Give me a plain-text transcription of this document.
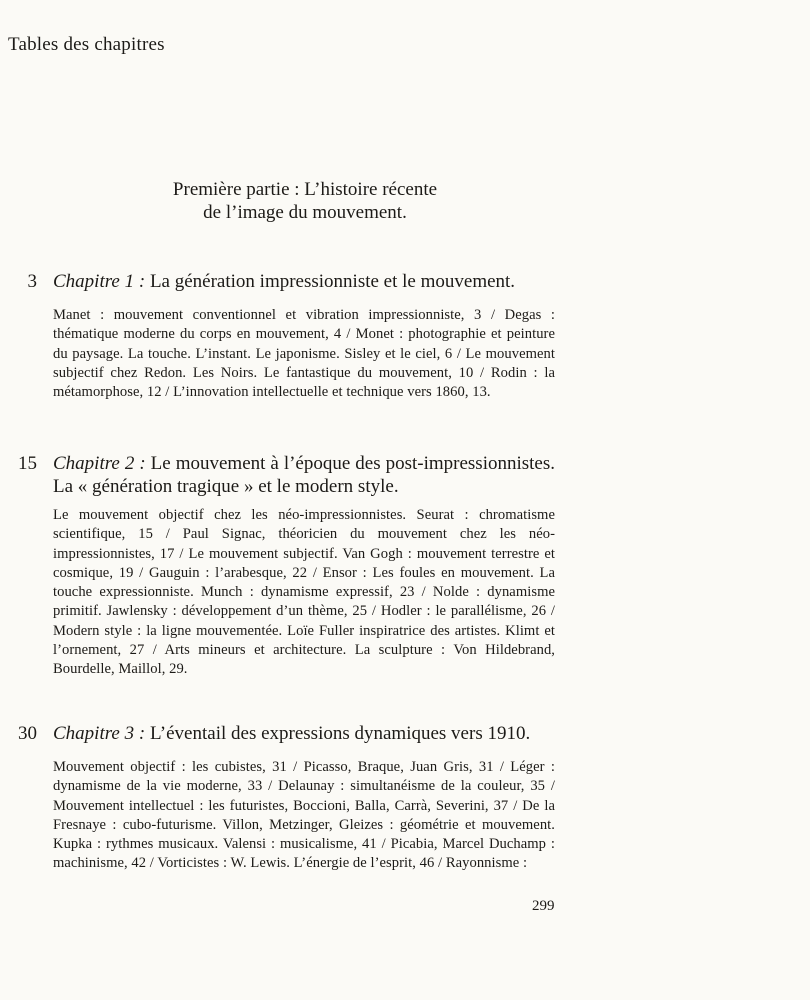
Tables des chapitres
Première partie : L’histoire récente
de l’image du mouvement.
3 Chapitre 1 : La génération impressionniste et le mouvement.
Manet : mouvement conventionnel et vibration impressionniste, 3 / Degas : thématique moderne du corps en mouvement, 4 / Monet : photographie et peinture du paysage. La touche. L’instant. Le japonisme. Sisley et le ciel, 6 / Le mouvement subjectif chez Redon. Les Noirs. Le fantastique du mouvement, 10 / Rodin : la métamorphose, 12 / L’innovation intellectuelle et technique vers 1860, 13.
15 Chapitre 2 : Le mouvement à l’époque des post-impressionnistes. La « génération tragique » et le modern style.
Le mouvement objectif chez les néo-impressionnistes. Seurat : chromatisme scientifique, 15 / Paul Signac, théoricien du mouvement chez les néo-impressionnistes, 17 / Le mouvement subjectif. Van Gogh : mouvement terrestre et cosmique, 19 / Gauguin : l’arabesque, 22 / Ensor : Les foules en mouvement. La touche expressionniste. Munch : dynamisme expressif, 23 / Nolde : dynamisme primitif. Jawlensky : développement d’un thème, 25 / Hodler : le parallélisme, 26 / Modern style : la ligne mouvementée. Loïe Fuller inspiratrice des artistes. Klimt et l’ornement, 27 / Arts mineurs et architecture. La sculpture : Von Hildebrand, Bourdelle, Maillol, 29.
30 Chapitre 3 : L’éventail des expressions dynamiques vers 1910.
Mouvement objectif : les cubistes, 31 / Picasso, Braque, Juan Gris, 31 / Léger : dynamisme de la vie moderne, 33 / Delaunay : simultanéisme de la couleur, 35 / Mouvement intellectuel : les futuristes, Boccioni, Balla, Carrà, Severini, 37 / De la Fresnaye : cubo-futurisme. Villon, Metzinger, Gleizes : géométrie et mouvement. Kupka : rythmes musicaux. Valensi : musicalisme, 41 / Picabia, Marcel Duchamp : machinisme, 42 / Vorticistes : W. Lewis. L’énergie de l’esprit, 46 / Rayonnisme :
299
